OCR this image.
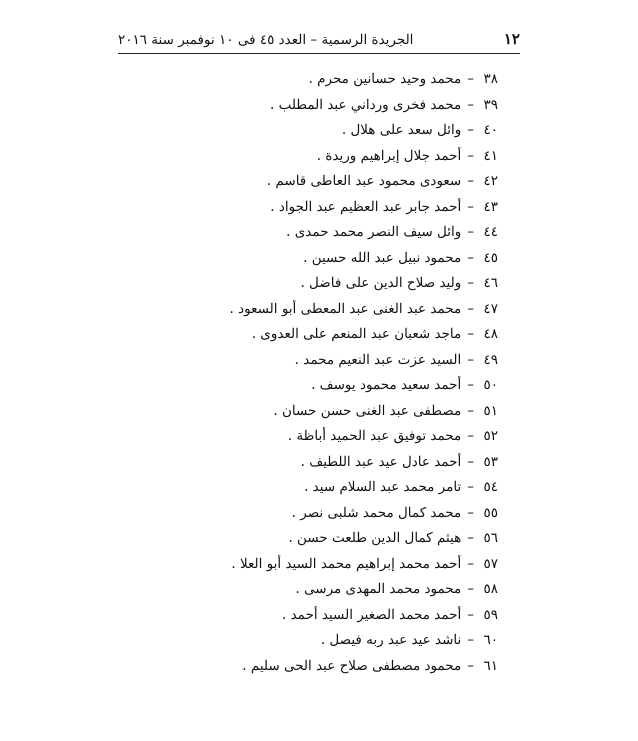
١٢
الجريدة الرسمية – العدد ٤٥ فى ١٠ نوفمبر سنة ٢٠١٦
٣٨
–
محمد وحيد حسانين محرم .
٣٩
–
محمد فخرى ورداني عبد المطلب .
٤٠
–
وائل سعد على هلال .
٤١
–
أحمد جلال إبراهيم وريدة .
٤٢
–
سعودى محمود عبد العاطى قاسم .
٤٣
–
أحمد جابر عبد العظيم عبد الجواد .
٤٤
–
وائل سيف النصر محمد حمدى .
٤٥
–
محمود نبيل عبد الله حسين .
٤٦
–
وليد صلاح الدين على فاضل .
٤٧
–
محمد عبد الغنى عبد المعطى أبو السعود .
٤٨
–
ماجد شعبان عبد المنعم على العدوى .
٤٩
–
السيد عزت عبد النعيم محمد .
٥٠
–
أحمد سعيد محمود يوسف .
٥١
–
مصطفى عبد الغنى حسن حسان .
٥٢
–
محمد توفيق عبد الحميد أباظة .
٥٣
–
أحمد عادل عيد عبد اللطيف .
٥٤
–
تامر محمد عبد السلام سيد .
٥٥
–
محمد كمال محمد شلبى نصر .
٥٦
–
هيثم كمال الدين طلعت حسن .
٥٧
–
أحمد محمد إبراهيم محمد السيد أبو العلا .
٥٨
–
محمود محمد المهدى مرسى .
٥٩
–
أحمد محمد الصغير السيد أحمد .
٦٠
–
ناشد عيد عبد ربه فيصل .
٦١
–
محمود مصطفى صلاح عبد الحى سليم .
